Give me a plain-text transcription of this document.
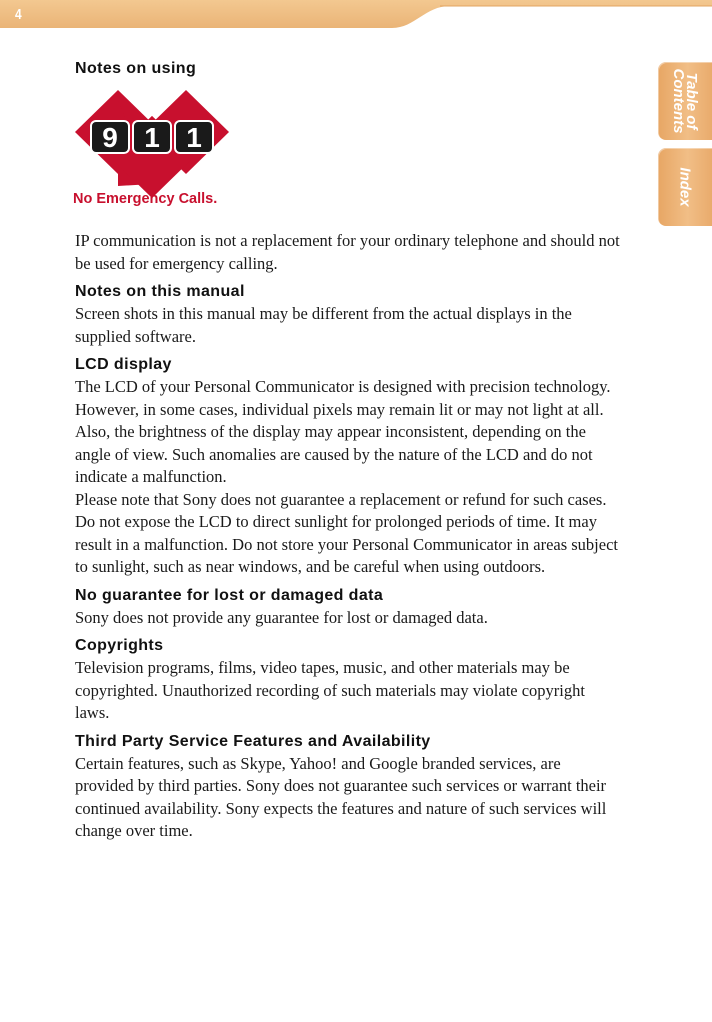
4
Table of
Contents
Index
Notes on using
9 1 1
No Emergency Calls.

IP communication is not a replacement for your ordinary telephone and should not be used for emergency calling.

Notes on this manual

Screen shots in this manual may be different from the actual displays in the supplied software.

LCD display

The LCD of your Personal Communicator is designed with precision technology. However, in some cases, individual pixels may remain lit or may not light at all. Also, the brightness of the display may appear inconsistent, depending on the angle of view. Such anomalies are caused by the nature of the LCD and do not indicate a malfunction.

Please note that Sony does not guarantee a replacement or refund for such cases.

Do not expose the LCD to direct sunlight for prolonged periods of time. It may result in a malfunction. Do not store your Personal Communicator in areas subject to sunlight, such as near windows, and be careful when using outdoors.

No guarantee for lost or damaged data

Sony does not provide any guarantee for lost or damaged data.

Copyrights

Television programs, films, video tapes, music, and other materials may be copyrighted. Unauthorized recording of such materials may violate copyright laws.

Third Party Service Features and Availability

Certain features, such as Skype, Yahoo! and Google branded services, are provided by third parties. Sony does not guarantee such services or warrant their continued availability. Sony expects the features and nature of such services will change over time.
